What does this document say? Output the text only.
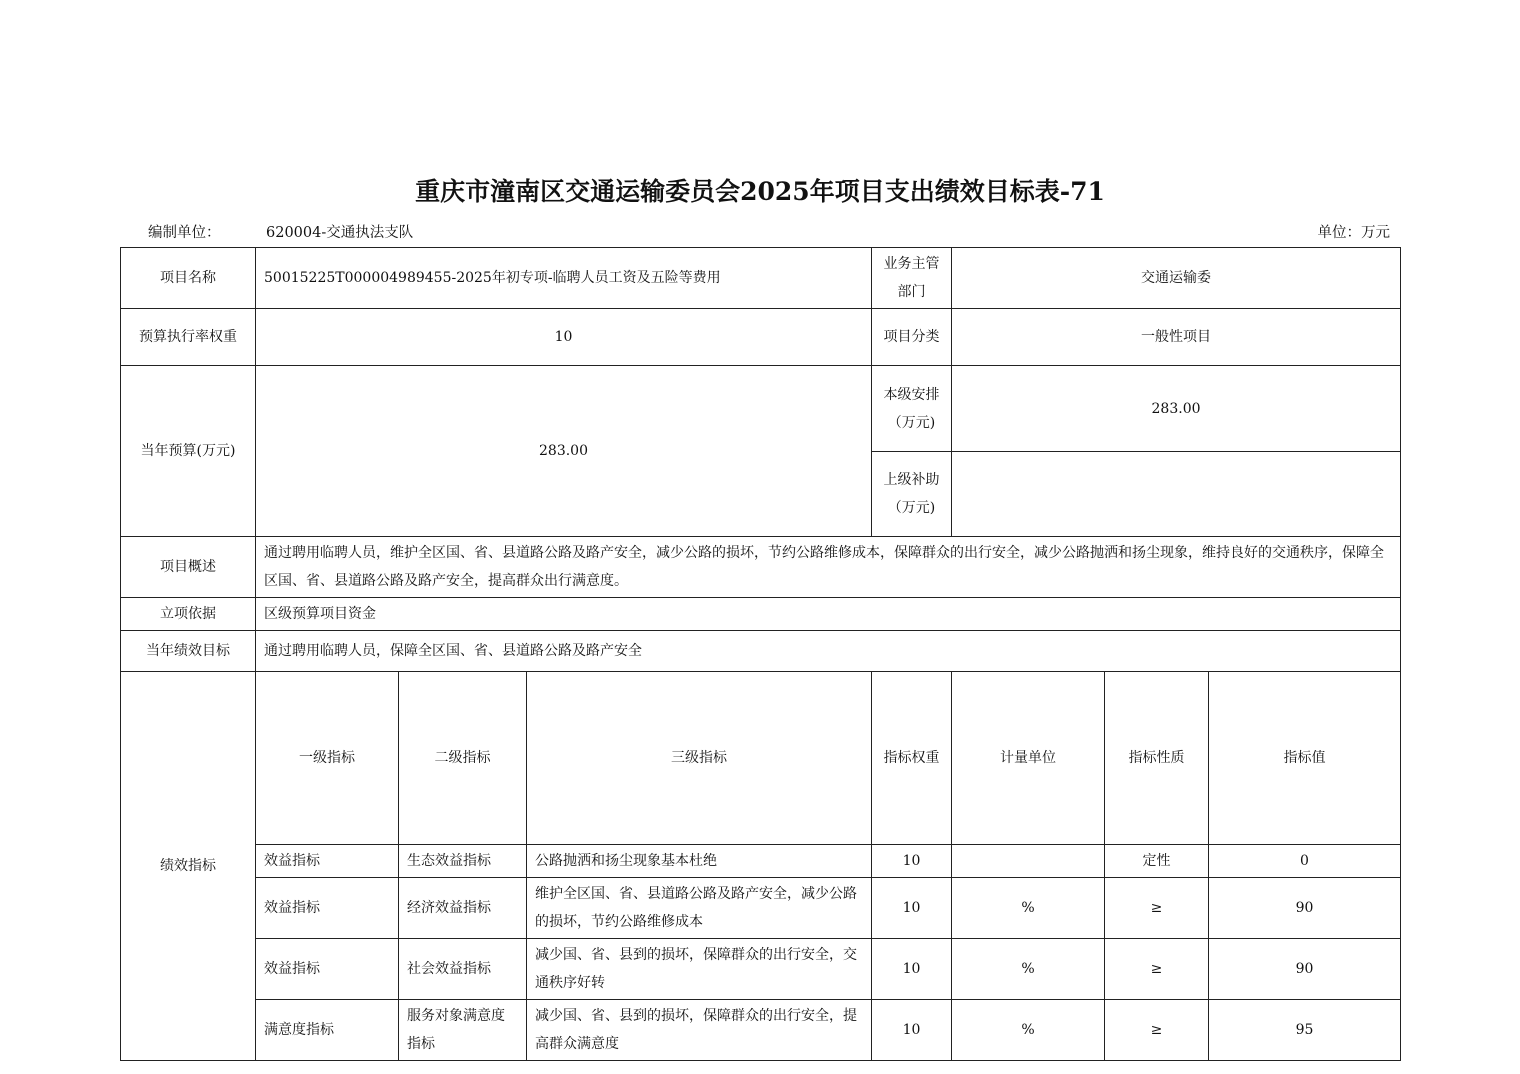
重庆市潼南区交通运输委员会2025年项目支出绩效目标表-71
编制单位：	620004-交通执法支队	单位：万元
项目名称	50015225T000004989455-2025年初专项-临聘人员工资及五险等费用			业务主管部门	交通运输委			
预算执行率权重	10			项目分类	一般性项目			
当年预算(万元)	283.00			本级安排（万元)	283.00			
				上级补助（万元)				
项目概述	通过聘用临聘人员，维护全区国、省、县道路公路及路产安全，减少公路的损坏，节约公路维修成本，保障群众的出行安全，减少公路抛洒和扬尘现象，维持良好的交通秩序，保障全区国、省、县道路公路及路产安全，提高群众出行满意度。							
立项依据	区级预算项目资金							
当年绩效目标	通过聘用临聘人员，保障全区国、省、县道路公路及路产安全							
绩效指标	一级指标	二级指标	三级指标	指标权重	计量单位	指标性质	指标值	
	效益指标	生态效益指标	公路抛洒和扬尘现象基本杜绝	10		定性	0	
	效益指标	经济效益指标	维护全区国、省、县道路公路及路产安全，减少公路的损坏，节约公路维修成本	10	%	≥	90	
	效益指标	社会效益指标	减少国、省、县到的损坏，保障群众的出行安全，交通秩序好转	10	%	≥	90	
	满意度指标	服务对象满意度指标	减少国、省、县到的损坏，保障群众的出行安全，提高群众满意度	10	%	≥	95	
